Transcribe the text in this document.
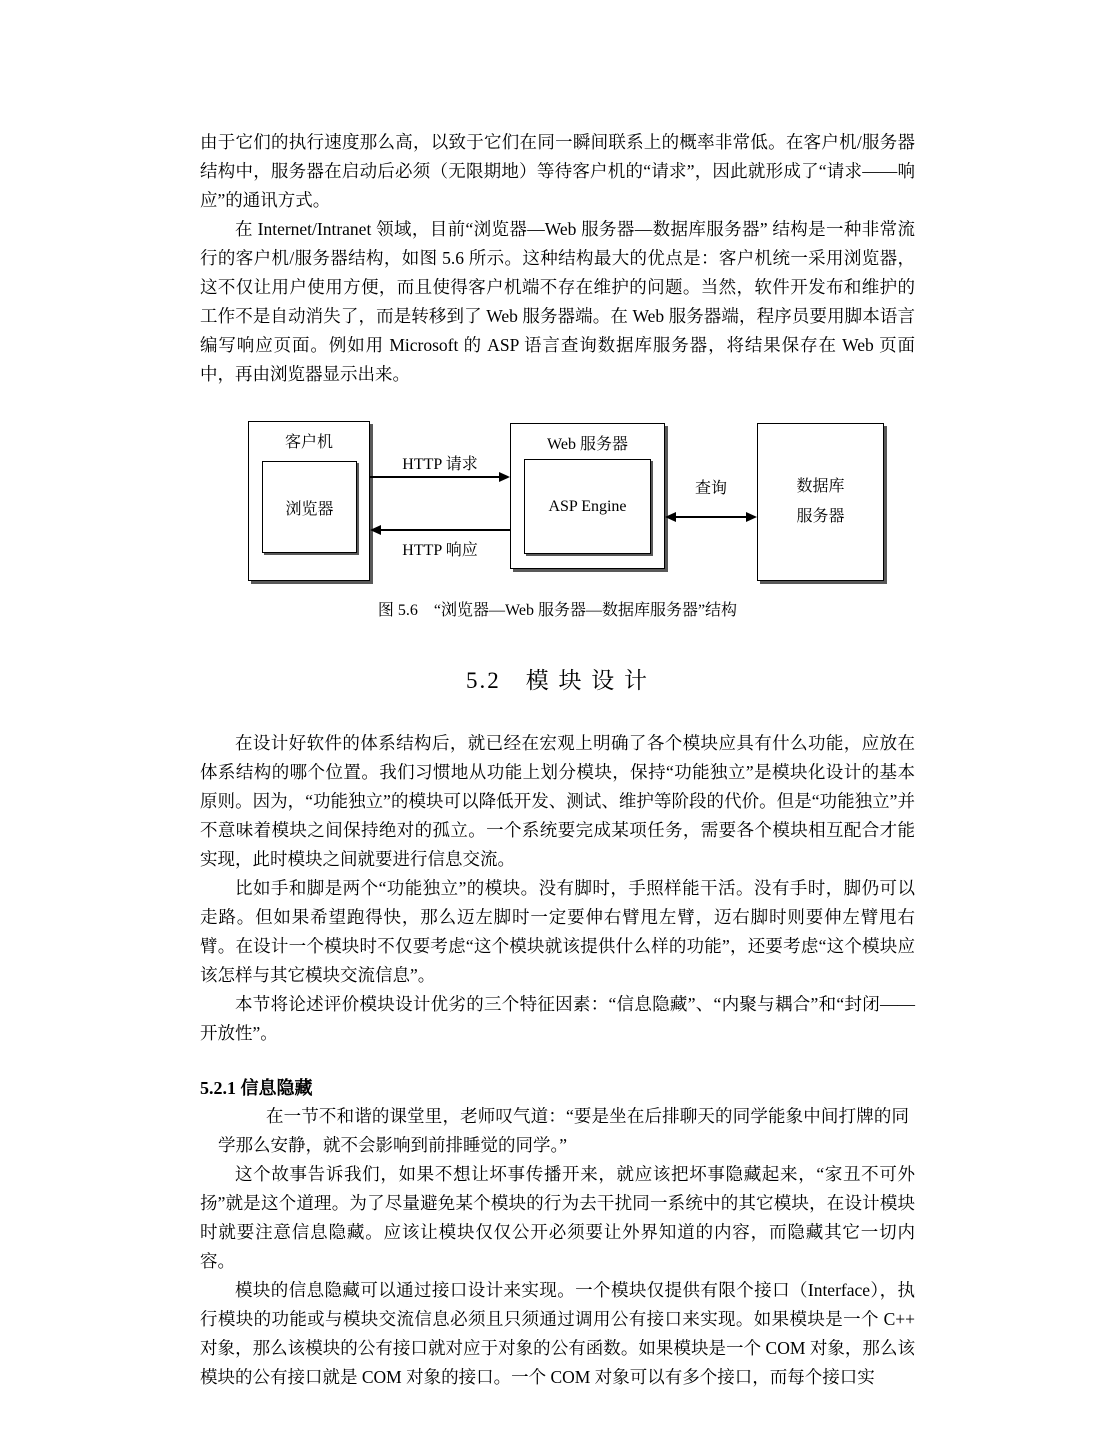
由于它们的执行速度那么高，以致于它们在同一瞬间联系上的概率非常低。在客户机/服务器结构中，服务器在启动后必须（无限期地）等待客户机的“请求”，因此就形成了“请求——响应”的通讯方式。

在 Internet/Intranet 领域，目前“浏览器—Web 服务器—数据库服务器” 结构是一种非常流行的客户机/服务器结构，如图 5.6 所示。这种结构最大的优点是：客户机统一采用浏览器，这不仅让用户使用方便，而且使得客户机端不存在维护的问题。当然，软件开发布和维护的工作不是自动消失了，而是转移到了 Web 服务器端。在 Web 服务器端，程序员要用脚本语言编写响应页面。例如用 Microsoft 的 ASP 语言查询数据库服务器，将结果保存在 Web 页面中，再由浏览器显示出来。

客户机
浏览器
Web 服务器
ASP Engine
数据库
服务器
HTTP 请求
HTTP 响应
查询

图 5.6　“浏览器—Web 服务器—数据库服务器”结构

5.2　模 块 设 计

在设计好软件的体系结构后，就已经在宏观上明确了各个模块应具有什么功能，应放在体系结构的哪个位置。我们习惯地从功能上划分模块，保持“功能独立”是模块化设计的基本原则。因为，“功能独立”的模块可以降低开发、测试、维护等阶段的代价。但是“功能独立”并不意味着模块之间保持绝对的孤立。一个系统要完成某项任务，需要各个模块相互配合才能实现，此时模块之间就要进行信息交流。

比如手和脚是两个“功能独立”的模块。没有脚时，手照样能干活。没有手时，脚仍可以走路。但如果希望跑得快，那么迈左脚时一定要伸右臂甩左臂，迈右脚时则要伸左臂甩右臂。在设计一个模块时不仅要考虑“这个模块就该提供什么样的功能”，还要考虑“这个模块应该怎样与其它模块交流信息”。

本节将论述评价模块设计优劣的三个特征因素：“信息隐藏”、“内聚与耦合”和“封闭——开放性”。

5.2.1 信息隐藏

在一节不和谐的课堂里，老师叹气道：“要是坐在后排聊天的同学能象中间打牌的同学那么安静，就不会影响到前排睡觉的同学。”

这个故事告诉我们，如果不想让坏事传播开来，就应该把坏事隐藏起来，“家丑不可外扬”就是这个道理。为了尽量避免某个模块的行为去干扰同一系统中的其它模块，在设计模块时就要注意信息隐藏。应该让模块仅仅公开必须要让外界知道的内容，而隐藏其它一切内容。

模块的信息隐藏可以通过接口设计来实现。一个模块仅提供有限个接口（Interface），执行模块的功能或与模块交流信息必须且只须通过调用公有接口来实现。如果模块是一个 C++ 对象，那么该模块的公有接口就对应于对象的公有函数。如果模块是一个 COM 对象，那么该模块的公有接口就是 COM 对象的接口。一个 COM 对象可以有多个接口，而每个接口实
